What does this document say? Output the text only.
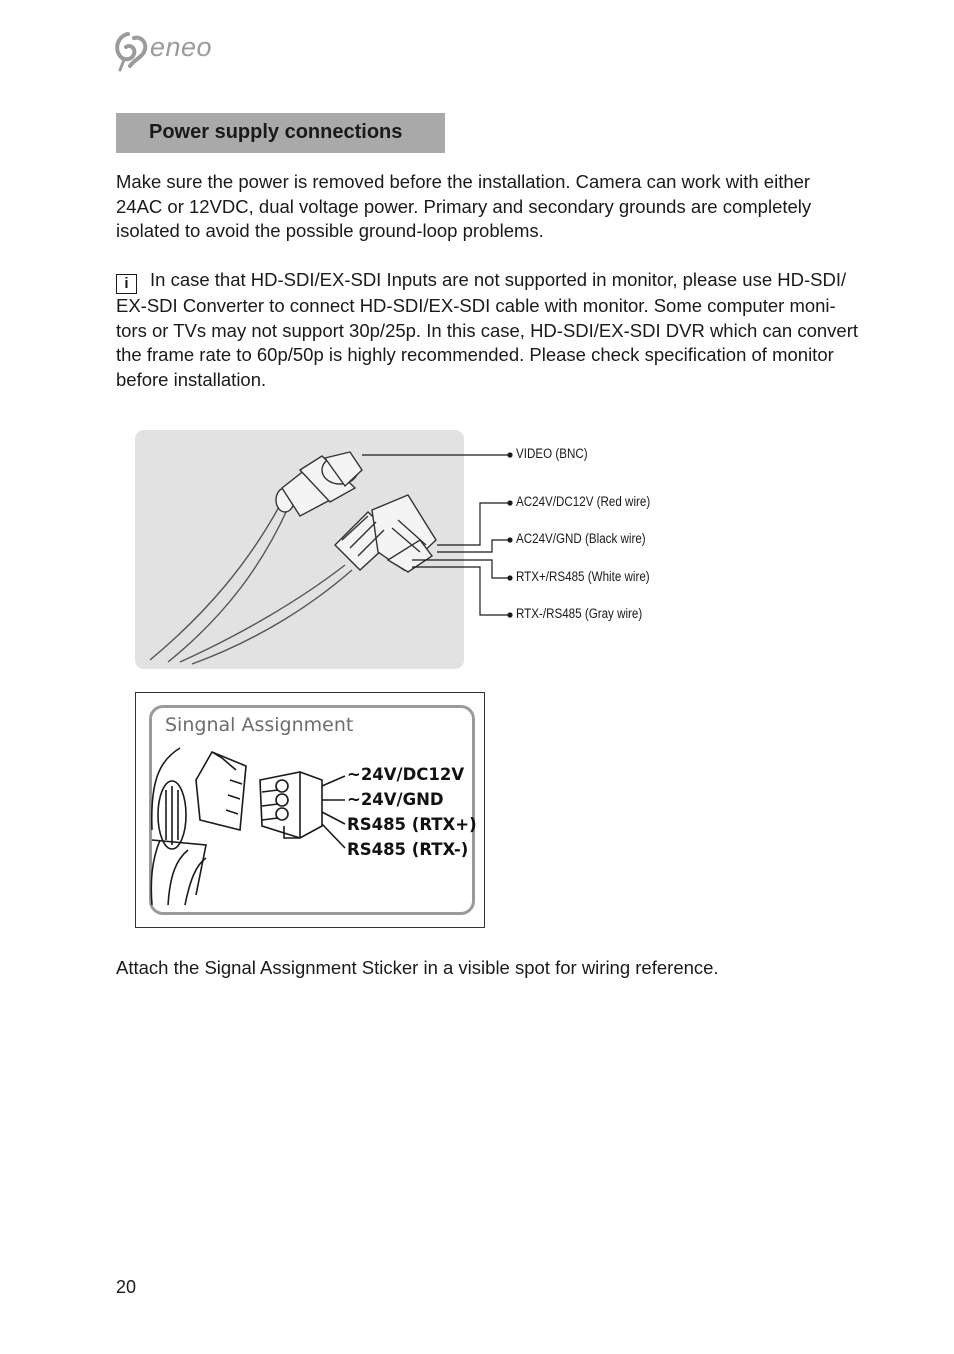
eneo
Power supply connections
Make sure the power is removed before the installation. Camera can work with either
24AC or 12VDC, dual voltage power. Primary and secondary grounds are completely
isolated to avoid the possible ground-loop problems.
i In case that HD-SDI/EX-SDI Inputs are not supported in monitor, please use HD-SDI/
EX-SDI Converter to connect HD-SDI/EX-SDI cable with monitor. Some computer moni-
tors or TVs may not support 30p/25p. In this case, HD-SDI/EX-SDI DVR which can convert
the frame rate to 60p/50p is highly recommended. Please check specification of monitor
before installation.
VIDEO (BNC)
AC24V/DC12V (Red wire)
AC24V/GND (Black wire)
RTX+/RS485 (White wire)
RTX-/RS485 (Gray wire)
Singnal Assignment
~24V/DC12V
~24V/GND
RS485 (RTX+)
RS485 (RTX-)
Attach the Signal Assignment Sticker in a visible spot for wiring reference.
20
